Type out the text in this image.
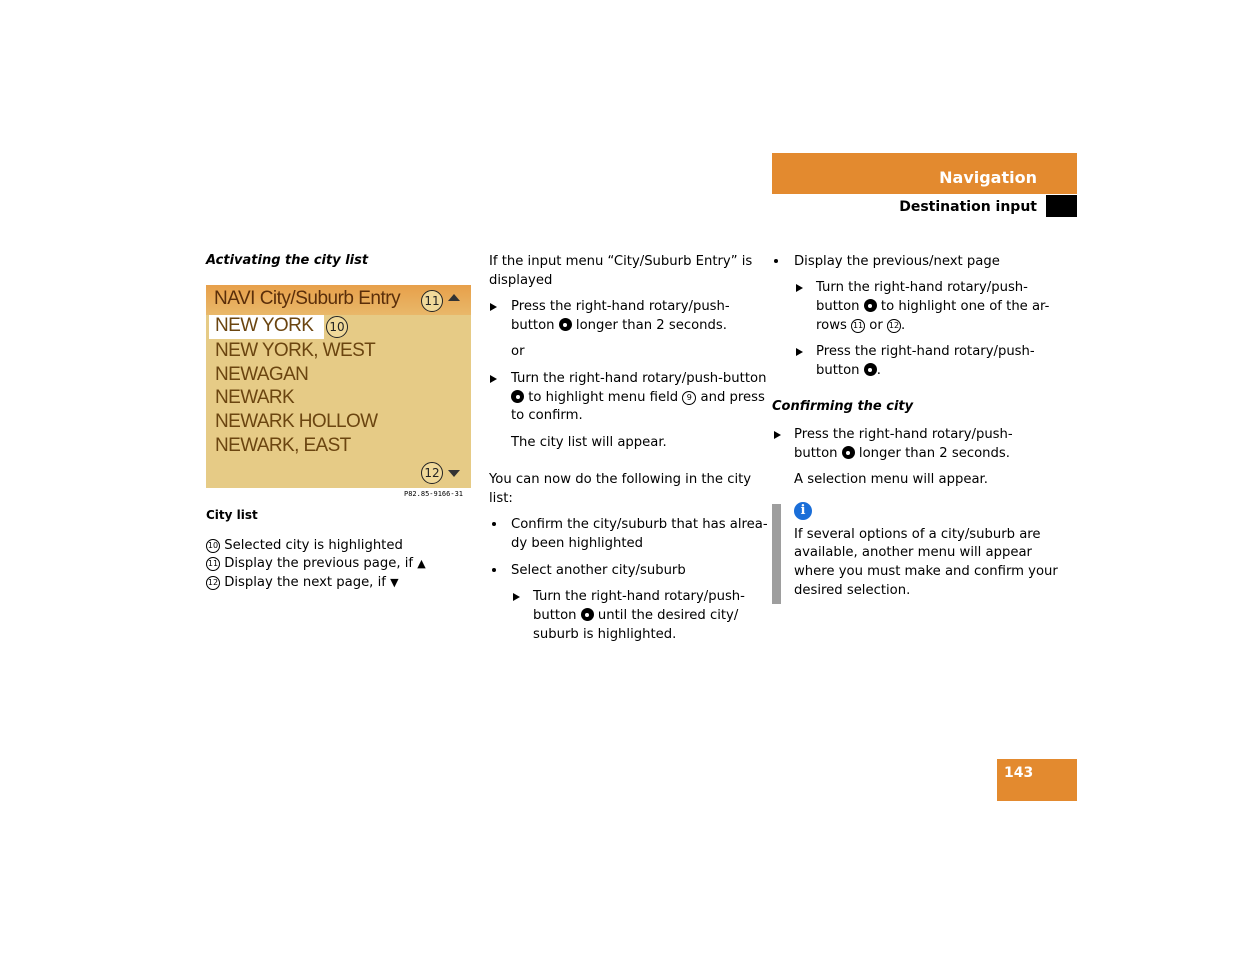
Navigation
Destination input
Activating the city list
NAVI City/Suburb Entry
NEW YORK
NEW YORK, WEST
NEWAGAN
NEWARK
NEWARK HOLLOW
NEWARK, EAST
11
10
12
P82.85-9166-31
City list
10 Selected city is highlighted
11 Display the previous page, if ▲
12 Display the next page, if ▼
If the input menu “City/Suburb Entry” is
displayed
Press the right-hand rotary/push-
button longer than 2 seconds.
or
Turn the right-hand rotary/push-button
to highlight menu field 9 and press
to confirm.
The city list will appear.
You can now do the following in the city
list:
Confirm the city/suburb that has alrea-
dy been highlighted
Select another city/suburb
Turn the right-hand rotary/push-
button until the desired city/
suburb is highlighted.
Display the previous/next page
Turn the right-hand rotary/push-
button to highlight one of the ar-
rows 11 or 12 .
Press the right-hand rotary/push-
button .
Confirming the city
Press the right-hand rotary/push-
button longer than 2 seconds.
A selection menu will appear.
i
If several options of a city/suburb are
available, another menu will appear
where you must make and confirm your
desired selection.
143
